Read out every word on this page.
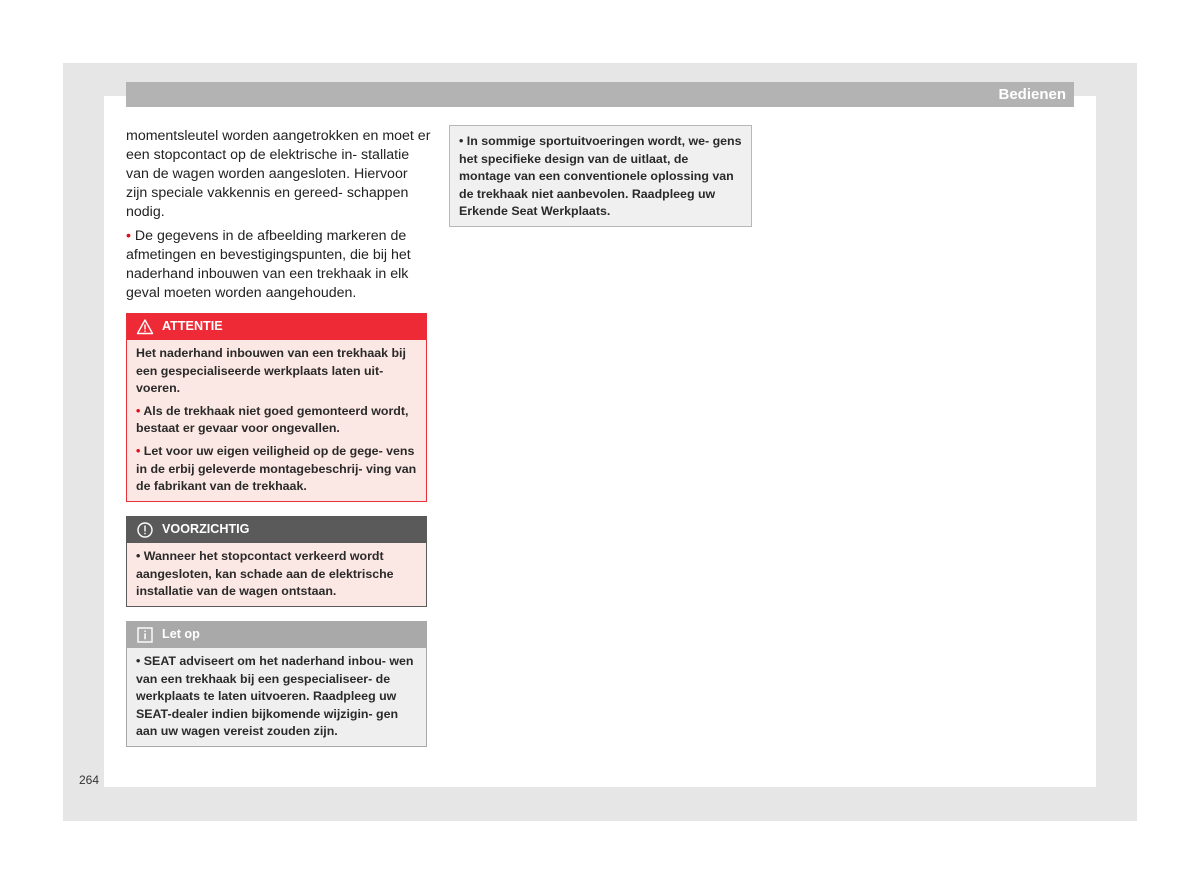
Bedienen

momentsleutel worden aangetrokken en moet er een stopcontact op de elektrische in- stallatie van de wagen worden aangesloten. Hiervoor zijn speciale vakkennis en gereed- schappen nodig.

• De gegevens in de afbeelding markeren de afmetingen en bevestigingspunten, die bij het naderhand inbouwen van een trekhaak in elk geval moeten worden aangehouden.

ATTENTIE

Het naderhand inbouwen van een trekhaak bij een gespecialiseerde werkplaats laten uit- voeren.

• Als de trekhaak niet goed gemonteerd wordt, bestaat er gevaar voor ongevallen.

• Let voor uw eigen veiligheid op de gege- vens in de erbij geleverde montagebeschrij- ving van de fabrikant van de trekhaak.

VOORZICHTIG

• Wanneer het stopcontact verkeerd wordt aangesloten, kan schade aan de elektrische installatie van de wagen ontstaan.

Let op

• SEAT adviseert om het naderhand inbou- wen van een trekhaak bij een gespecialiseer- de werkplaats te laten uitvoeren. Raadpleeg uw SEAT-dealer indien bijkomende wijzigin- gen aan uw wagen vereist zouden zijn.

• In sommige sportuitvoeringen wordt, we- gens het specifieke design van de uitlaat, de montage van een conventionele oplossing van de trekhaak niet aanbevolen. Raadpleeg uw Erkende Seat Werkplaats.
264
